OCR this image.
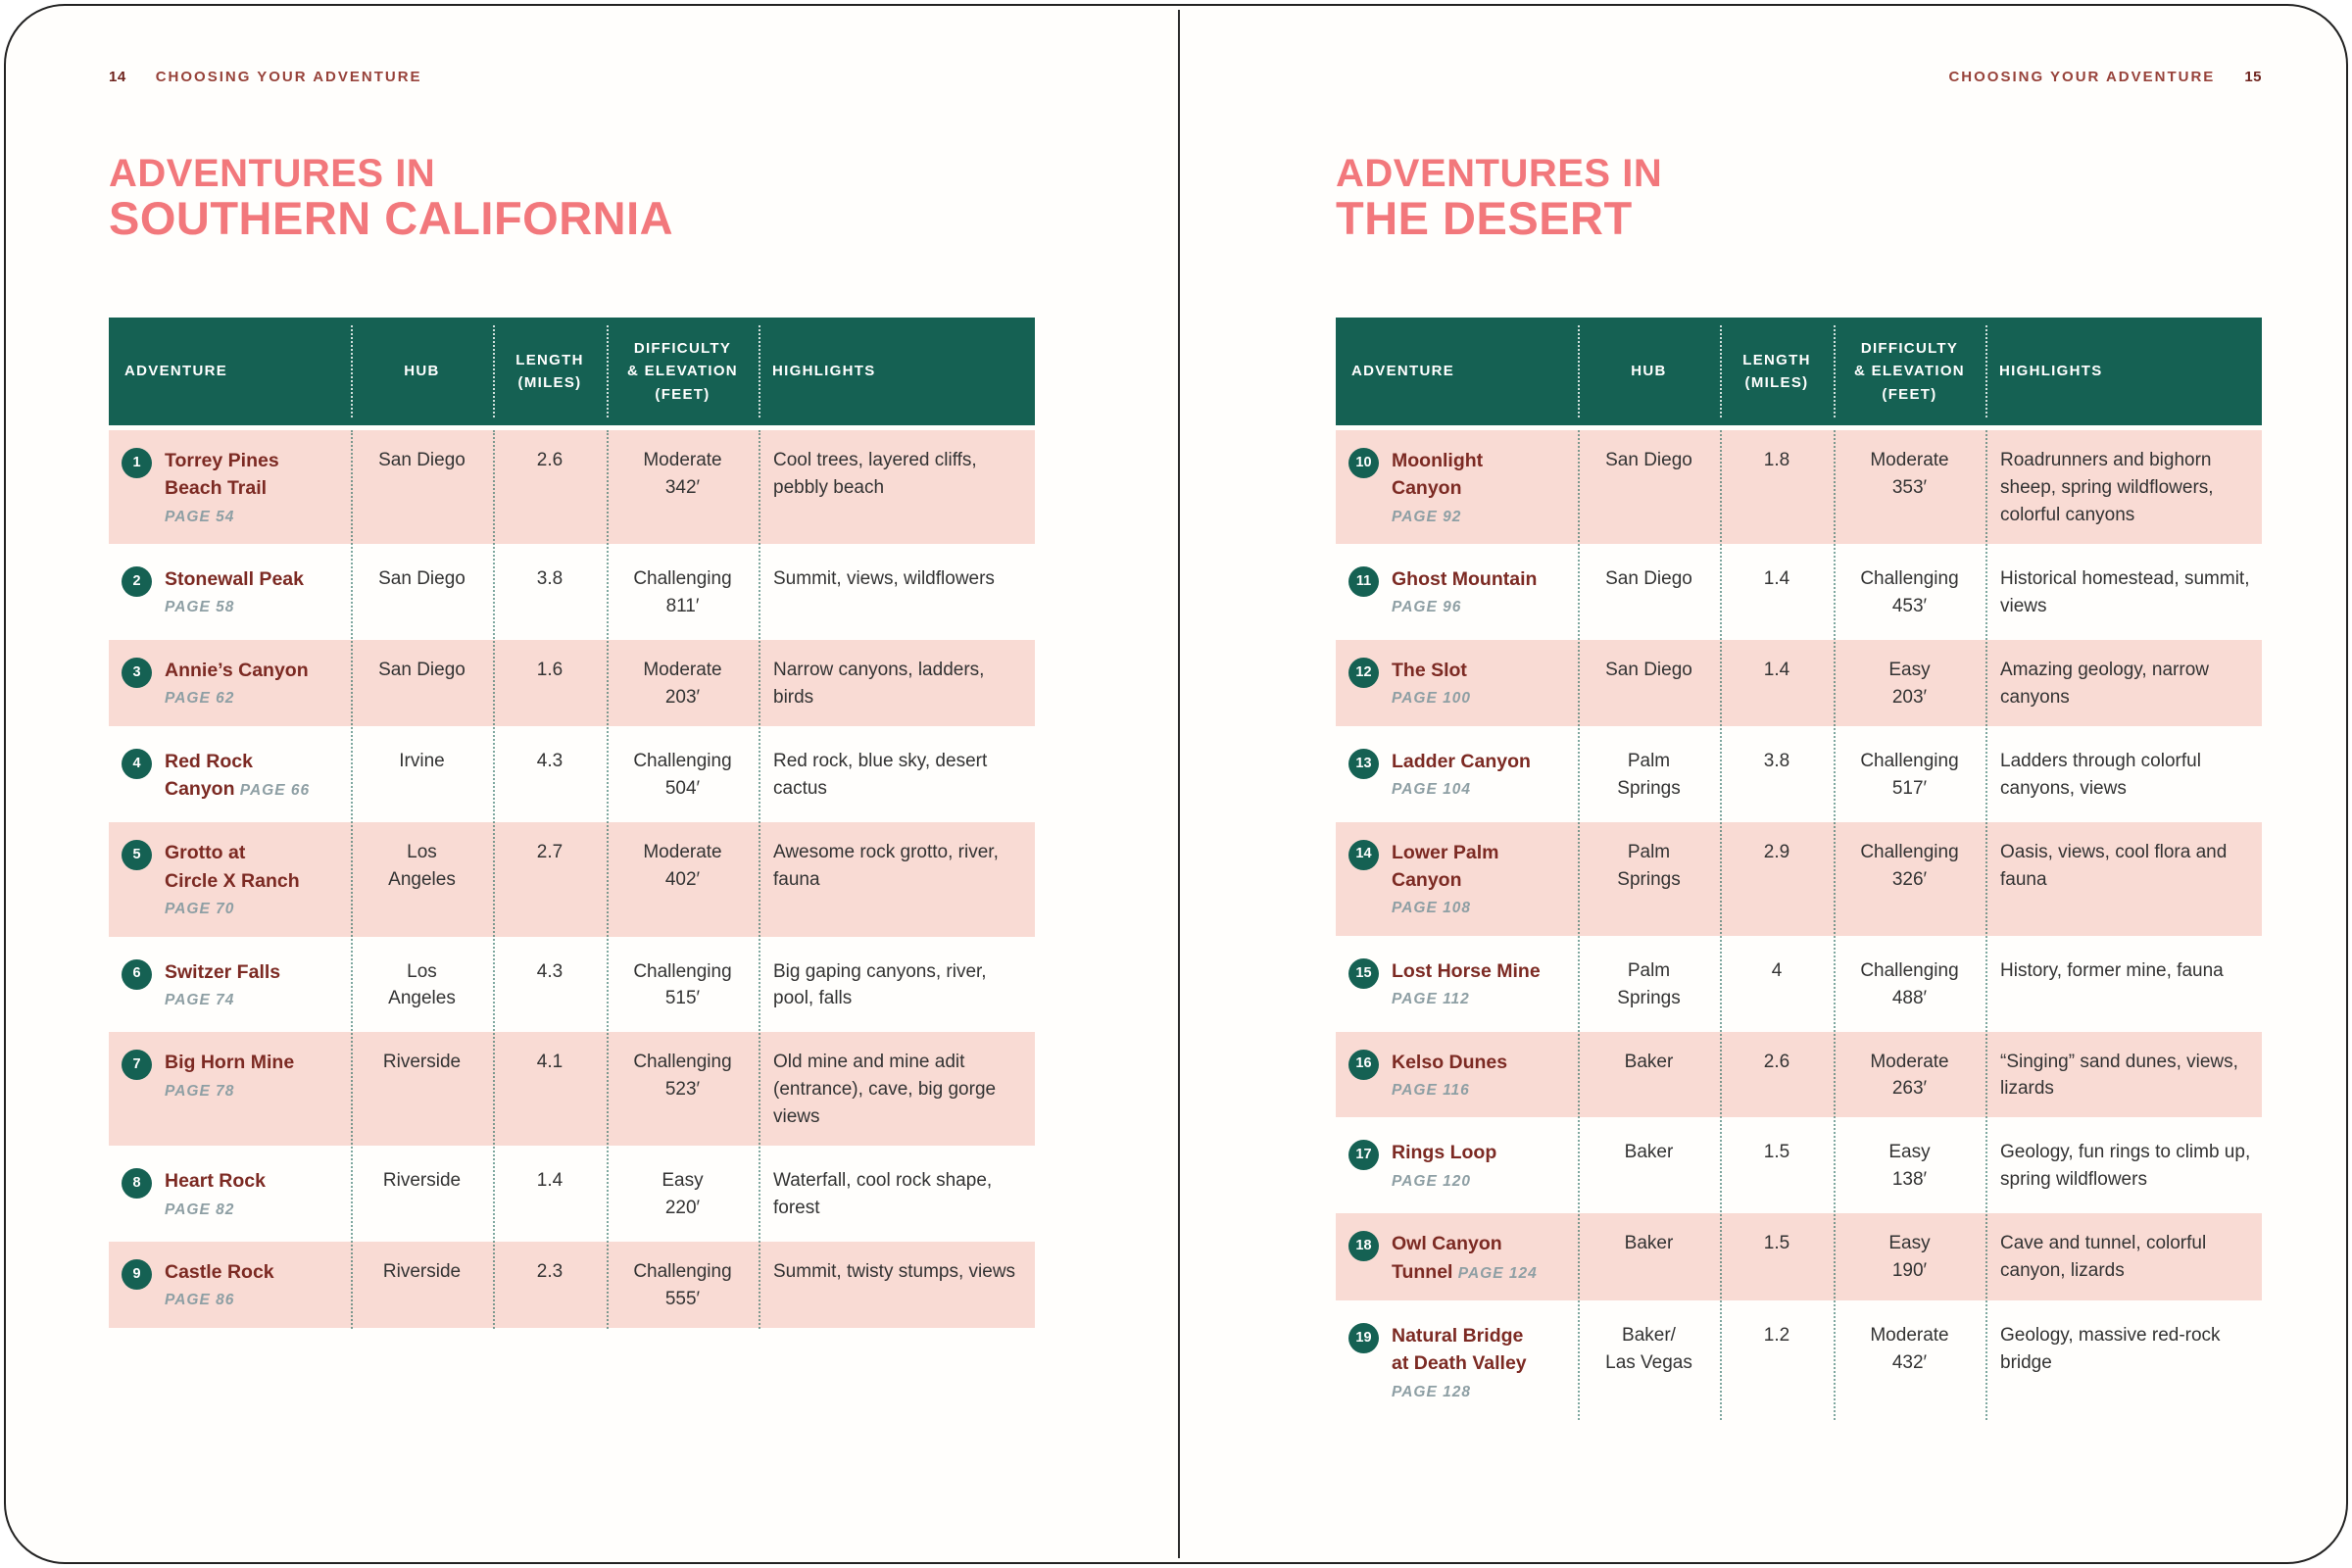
14 CHOOSING YOUR ADVENTURE
ADVENTURES IN
SOUTHERN CALIFORNIA
ADVENTURE	HUB	LENGTH
(MILES)	DIFFICULTY
& ELEVATION
(FEET)	HIGHLIGHTS

1 Torrey Pines
Beach Trail
PAGE 54	San Diego	2.6	Moderate
342′	Cool trees, layered cliffs, pebbly beach

2 Stonewall Peak
PAGE 58	San Diego	3.8	Challenging
811′	Summit, views, wildflowers

3 Annie’s Canyon
PAGE 62	San Diego	1.6	Moderate
203′	Narrow canyons, ladders, birds

4 Red Rock
Canyon PAGE 66	Irvine	4.3	Challenging
504′	Red rock, blue sky, desert cactus

5 Grotto at
Circle X Ranch
PAGE 70	Los
Angeles	2.7	Moderate
402′	Awesome rock grotto, river, fauna

6 Switzer Falls
PAGE 74	Los
Angeles	4.3	Challenging
515′	Big gaping canyons, river, pool, falls

7 Big Horn Mine
PAGE 78	Riverside	4.1	Challenging
523′	Old mine and mine adit (entrance), cave, big gorge views

8 Heart Rock
PAGE 82	Riverside	1.4	Easy
220′	Waterfall, cool rock shape, forest

9 Castle Rock
PAGE 86	Riverside	2.3	Challenging
555′	Summit, twisty stumps, views
CHOOSING YOUR ADVENTURE 15
ADVENTURES IN
THE DESERT
ADVENTURE	HUB	LENGTH
(MILES)	DIFFICULTY
& ELEVATION
(FEET)	HIGHLIGHTS

10 Moonlight
Canyon
PAGE 92	San Diego	1.8	Moderate
353′	Roadrunners and bighorn sheep, spring wildflowers, colorful canyons

11 Ghost Mountain
PAGE 96	San Diego	1.4	Challenging
453′	Historical homestead, summit, views

12 The Slot
PAGE 100	San Diego	1.4	Easy
203′	Amazing geology, narrow canyons

13 Ladder Canyon
PAGE 104	Palm
Springs	3.8	Challenging
517′	Ladders through colorful canyons, views

14 Lower Palm
Canyon
PAGE 108	Palm
Springs	2.9	Challenging
326′	Oasis, views, cool flora and fauna

15 Lost Horse Mine
PAGE 112	Palm
Springs	4	Challenging
488′	History, former mine, fauna

16 Kelso Dunes
PAGE 116	Baker	2.6	Moderate
263′	“Singing” sand dunes, views, lizards

17 Rings Loop
PAGE 120	Baker	1.5	Easy
138′	Geology, fun rings to climb up, spring wildflowers

18 Owl Canyon
Tunnel PAGE 124	Baker	1.5	Easy
190′	Cave and tunnel, colorful canyon, lizards

19 Natural Bridge
at Death Valley
PAGE 128	Baker/
Las Vegas	1.2	Moderate
432′	Geology, massive red-rock bridge
